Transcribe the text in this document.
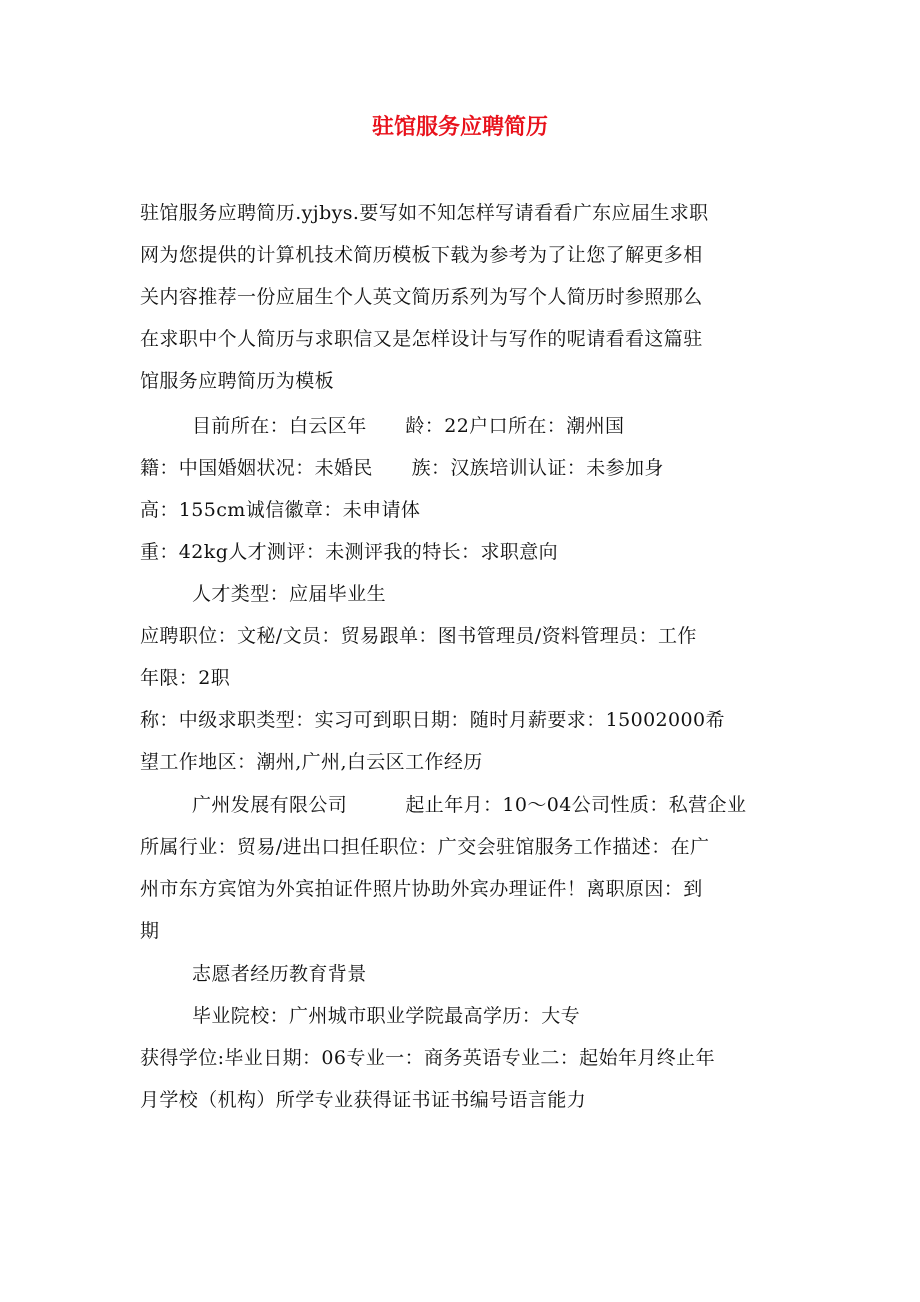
驻馆服务应聘简历
驻馆服务应聘简历.yjbys.要写如不知怎样写请看看广东应届生求职
网为您提供的计算机技术简历模板下载为参考为了让您了解更多相
关内容推荐一份应届生个人英文简历系列为写个人简历时参照那么
在求职中个人简历与求职信又是怎样设计与写作的呢请看看这篇驻
馆服务应聘简历为模板
目前所在：白云区年　　龄：22户口所在：潮州国
籍：中国婚姻状况：未婚民　　族：汉族培训认证：未参加身
高：155cm诚信徽章：未申请体
重：42kg人才测评：未测评我的特长：求职意向
人才类型：应届毕业生
应聘职位：文秘/文员：贸易跟单：图书管理员/资料管理员：工作
年限：2职
称：中级求职类型：实习可到职日期：随时月薪要求：15002000希
望工作地区：潮州,广州,白云区工作经历
广州发展有限公司　　　起止年月：10～04公司性质：私营企业
所属行业：贸易/进出口担任职位：广交会驻馆服务工作描述：在广
州市东方宾馆为外宾拍证件照片协助外宾办理证件！离职原因：到
期
志愿者经历教育背景
毕业院校：广州城市职业学院最高学历：大专
获得学位:毕业日期：06专业一：商务英语专业二：起始年月终止年
月学校（机构）所学专业获得证书证书编号语言能力
